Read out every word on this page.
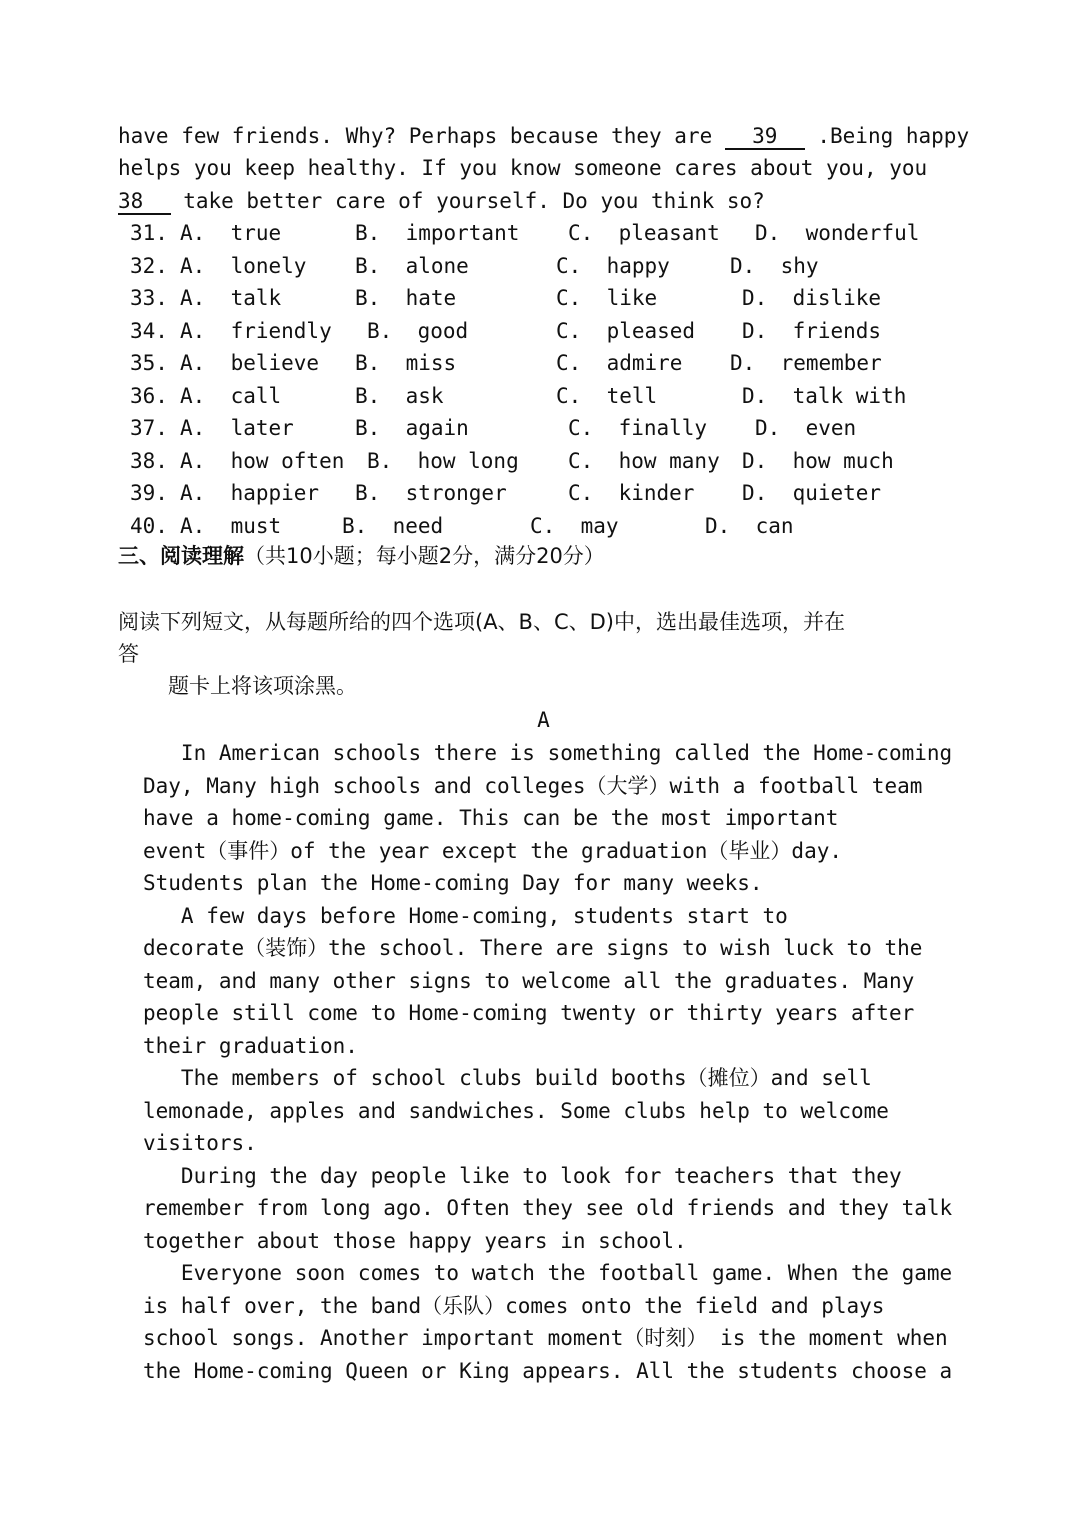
have few friends. Why? Perhaps because they are   39   .Being happy
helps you keep healthy. If you know someone cares about you, you
38   take better care of yourself. Do you think so?
31. A.  true	B.  important C.  pleasant D.  wonderful
32. A.  lonely B.  alone	C.  happy	D.  shy
33. A.  talk	B.  hate	C.  like	D.  dislike
34. A.  friendly B.  good	C.  pleased D.  friends
35. A.  believe B.  miss	C.  admire D.  remember
36. A.  call	B.  ask	C.  tell	D.  talk with
37. A.  later	B.  again	C.  finally D.  even
38. A.  how often B.  how long C.  how many D.  how much
39. A.  happier B.  stronger	C.  kinder D.  quieter
40. A.  must	B.  need	C.  may	D.  can
三、阅读理解（共10小题；每小题2分，满分20分）
阅读下列短文，从每题所给的四个选项(A、B、C、D)中，选出最佳选项，并在
答
题卡上将该项涂黑。
A
In American schools there is something called the Home-coming
Day, Many high schools and colleges（大学）with a football team
have a home-coming game. This can be the most important
event（事件）of the year except the graduation（毕业）day.
Students plan the Home-coming Day for many weeks.
A few days before Home-coming, students start to
decorate（装饰）the school. There are signs to wish luck to the
team, and many other signs to welcome all the graduates. Many
people still come to Home-coming twenty or thirty years after
their graduation.
The members of school clubs build booths（摊位）and sell
lemonade, apples and sandwiches. Some clubs help to welcome
visitors.
During the day people like to look for teachers that they
remember from long ago. Often they see old friends and they talk
together about those happy years in school.
Everyone soon comes to watch the football game. When the game
is half over, the band（乐队）comes onto the field and plays
school songs. Another important moment（时刻） is the moment when
the Home-coming Queen or King appears. All the students choose a
